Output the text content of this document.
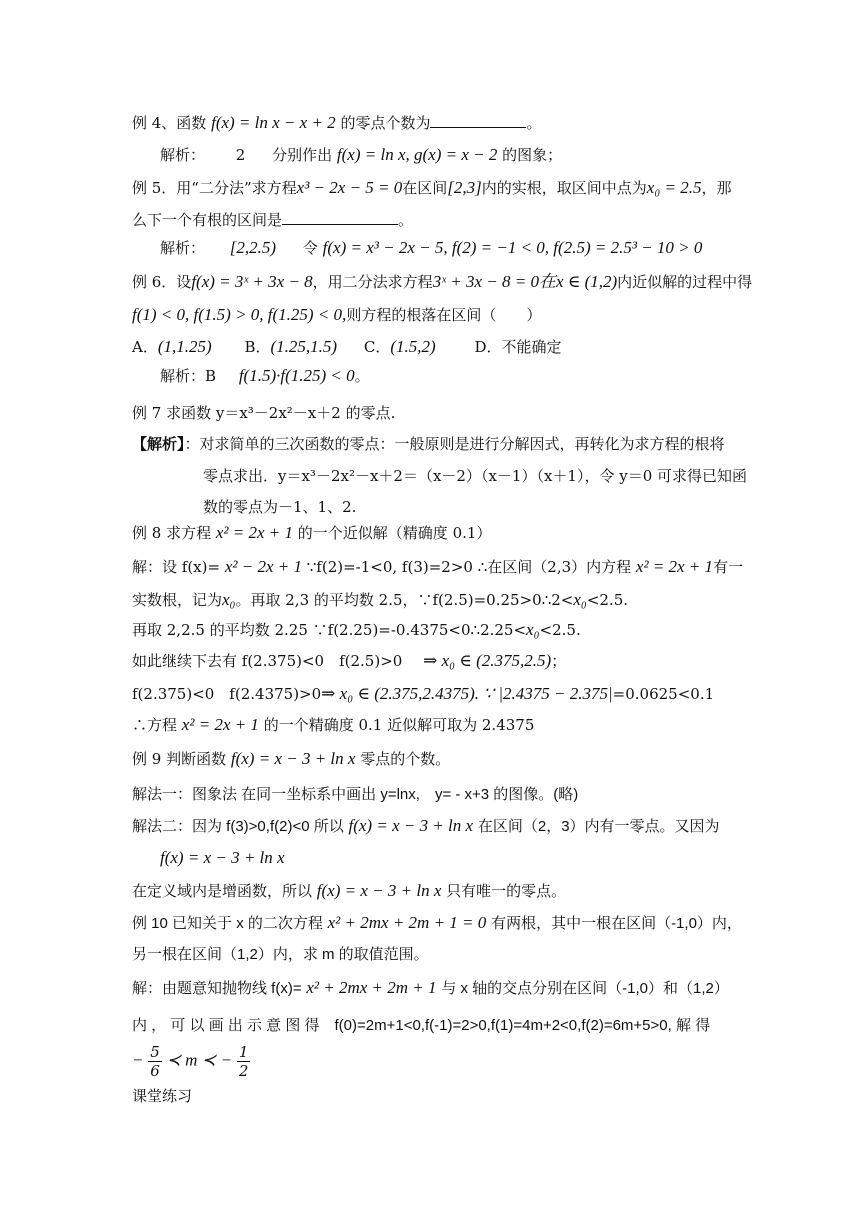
例 4、函数 f(x) = ln x − x + 2 的零点个数为	。
解析： 2 分别作出 f(x) = ln x, g(x) = x − 2 的图象；
例 5．用“二分法”求方程x³ − 2x − 5 = 0在区间[2,3]内的实根，取区间中点为x₀ = 2.5，那
么下一个有根的区间是	。
解析： [2,2.5) 令 f(x) = x³ − 2x − 5, f(2) = −1 < 0, f(2.5) = 2.5³ − 10 > 0
例 6．设f(x) = 3ˣ + 3x − 8，用二分法求方程3ˣ + 3x − 8 = 0在x ∈ (1,2)内近似解的过程中得
f(1) < 0, f(1.5) > 0, f(1.25) < 0,则方程的根落在区间（　　）
A．(1,1.25) B．(1.25,1.5) C．(1.5,2)	D．不能确定
解析：B f(1.5)·f(1.25) < 0。
例 7 求函数 y＝x³－2x²－x＋2 的零点.
【解析】：对求简单的三次函数的零点：一般原则是进行分解因式，再转化为求方程的根将
零点求出．y＝x³－2x²－x＋2＝（x－2）（x－1）（x＋1），令 y＝0 可求得已知函
数的零点为－1、1、2.
例 8 求方程 x² = 2x + 1 的一个近似解（精确度 0.1）
解：设 f(x)= x² − 2x + 1 ∵f(2)=-1<0, f(3)=2>0 ∴在区间（2,3）内方程 x² = 2x + 1有一
实数根，记为x₀。再取 2,3 的平均数 2.5，∵f(2.5)=0.25>0∴2<x₀<2.5.
再取 2,2.5 的平均数 2.25 ∵f(2.25)=-0.4375<0∴2.25<x₀<2.5.
如此继续下去有 f(2.375)<0　f(2.5)>0 ⇒ x₀ ∈ (2.375,2.5)；
f(2.375)<0　f(2.4375)>0⇒ x₀ ∈ (2.375,2.4375). ∵ |2.4375 − 2.375|=0.0625<0.1
∴方程 x² = 2x + 1 的一个精确度 0.1 近似解可取为 2.4375
例 9 判断函数 f(x) = x − 3 + ln x 零点的个数。
解法一：图象法 在同一坐标系中画出 y=lnx,　y= - x+3 的图像。(略)
解法二：因为 f(3)>0,f(2)<0 所以 f(x) = x − 3 + ln x 在区间（2，3）内有一零点。又因为
f(x) = x − 3 + ln x
在定义域内是增函数，所以 f(x) = x − 3 + ln x 只有唯一的零点。
例 10 已知关于 x 的二次方程 x² + 2mx + 2m + 1 = 0 有两根，其中一根在区间（-1,0）内，
另一根在区间（1,2）内，求 m 的取值范围。
解：由题意知抛物线 f(x)= x² + 2mx + 2m + 1 与 x 轴的交点分别在区间（-1,0）和（1,2）
内 ， 可 以 画 出 示 意 图 得　f(0)=2m+1<0,f(-1)=2>0,f(1)=4m+2<0,f(2)=6m+5>0, 解 得
− $\frac{5}{6}$ ≺ m ≺ − $\frac{1}{2}$
课堂练习
